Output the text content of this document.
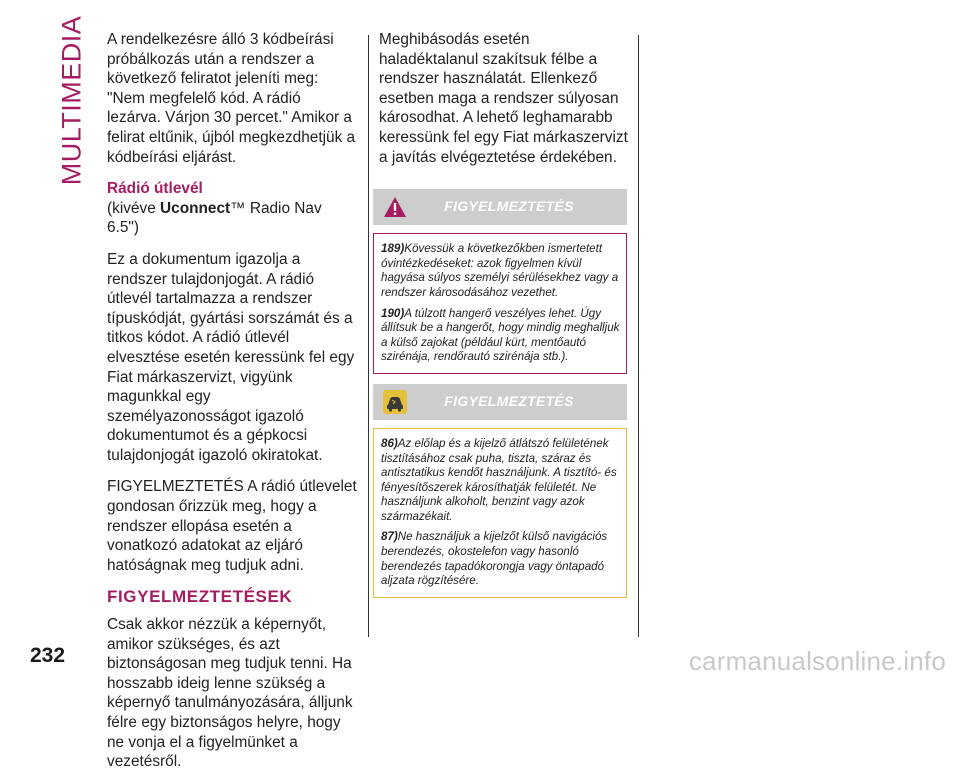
MULTIMEDIA A rendelkezésre álló 3 kódbeírási próbálkozás után a rendszer a következő feliratot jeleníti meg: "Nem megfelelő kód. A rádió lezárva. Várjon 30 percet." Amikor a felirat eltűnik, újból megkezdhetjük a kódbeírási eljárást.

Rádió útlevél

(kivéve Uconnect™ Radio Nav 6.5")

Ez a dokumentum igazolja a rendszer tulajdonjogát. A rádió útlevél tartalmazza a rendszer típuskódját, gyártási sorszámát és a titkos kódot. A rádió útlevél elvesztése esetén keressünk fel egy Fiat márkaszervizt, vigyünk magunkkal egy személyazonosságot igazoló dokumentumot és a gépkocsi tulajdonjogát igazoló okiratokat.

FIGYELMEZTETÉS A rádió útlevelet gondosan őrizzük meg, hogy a rendszer ellopása esetén a vonatkozó adatokat az eljáró hatóságnak meg tudjuk adni.

FIGYELMEZTETÉSEK

Csak akkor nézzük a képernyőt, amikor szükséges, és azt biztonságosan meg tudjuk tenni. Ha hosszabb ideig lenne szükség a képernyő tanulmányozására, álljunk félre egy biztonságos helyre, hogy ne vonja el a figyelmünket a vezetésről.

Meghibásodás esetén haladéktalanul szakítsuk félbe a rendszer használatát. Ellenkező esetben maga a rendszer súlyosan károsodhat. A lehető leghamarabb keressünk fel egy Fiat márkaszervizt a javítás elvégeztetése érdekében.

FIGYELMEZTETÉS

189)Kövessük a következőkben ismertetett óvintézkedéseket: azok figyelmen kívül hagyása súlyos személyi sérülésekhez vagy a rendszer károsodásához vezethet.

190)A túlzott hangerő veszélyes lehet. Úgy állítsuk be a hangerőt, hogy mindig meghalljuk a külső zajokat (például kürt, mentőautó szirénája, rendőrautó szirénája stb.).

FIGYELMEZTETÉS

86)Az előlap és a kijelző átlátszó felületének tisztításához csak puha, tiszta, száraz és antisztatikus kendőt használjunk. A tisztító- és fényesítőszerek károsíthatják felületét. Ne használjunk alkoholt, benzint vagy azok származékait.

87)Ne használjuk a kijelzőt külső navigációs berendezés, okostelefon vagy hasonló berendezés tapadókorongja vagy öntapadó aljzata rögzítésére.

232	carmanualsonline.info
